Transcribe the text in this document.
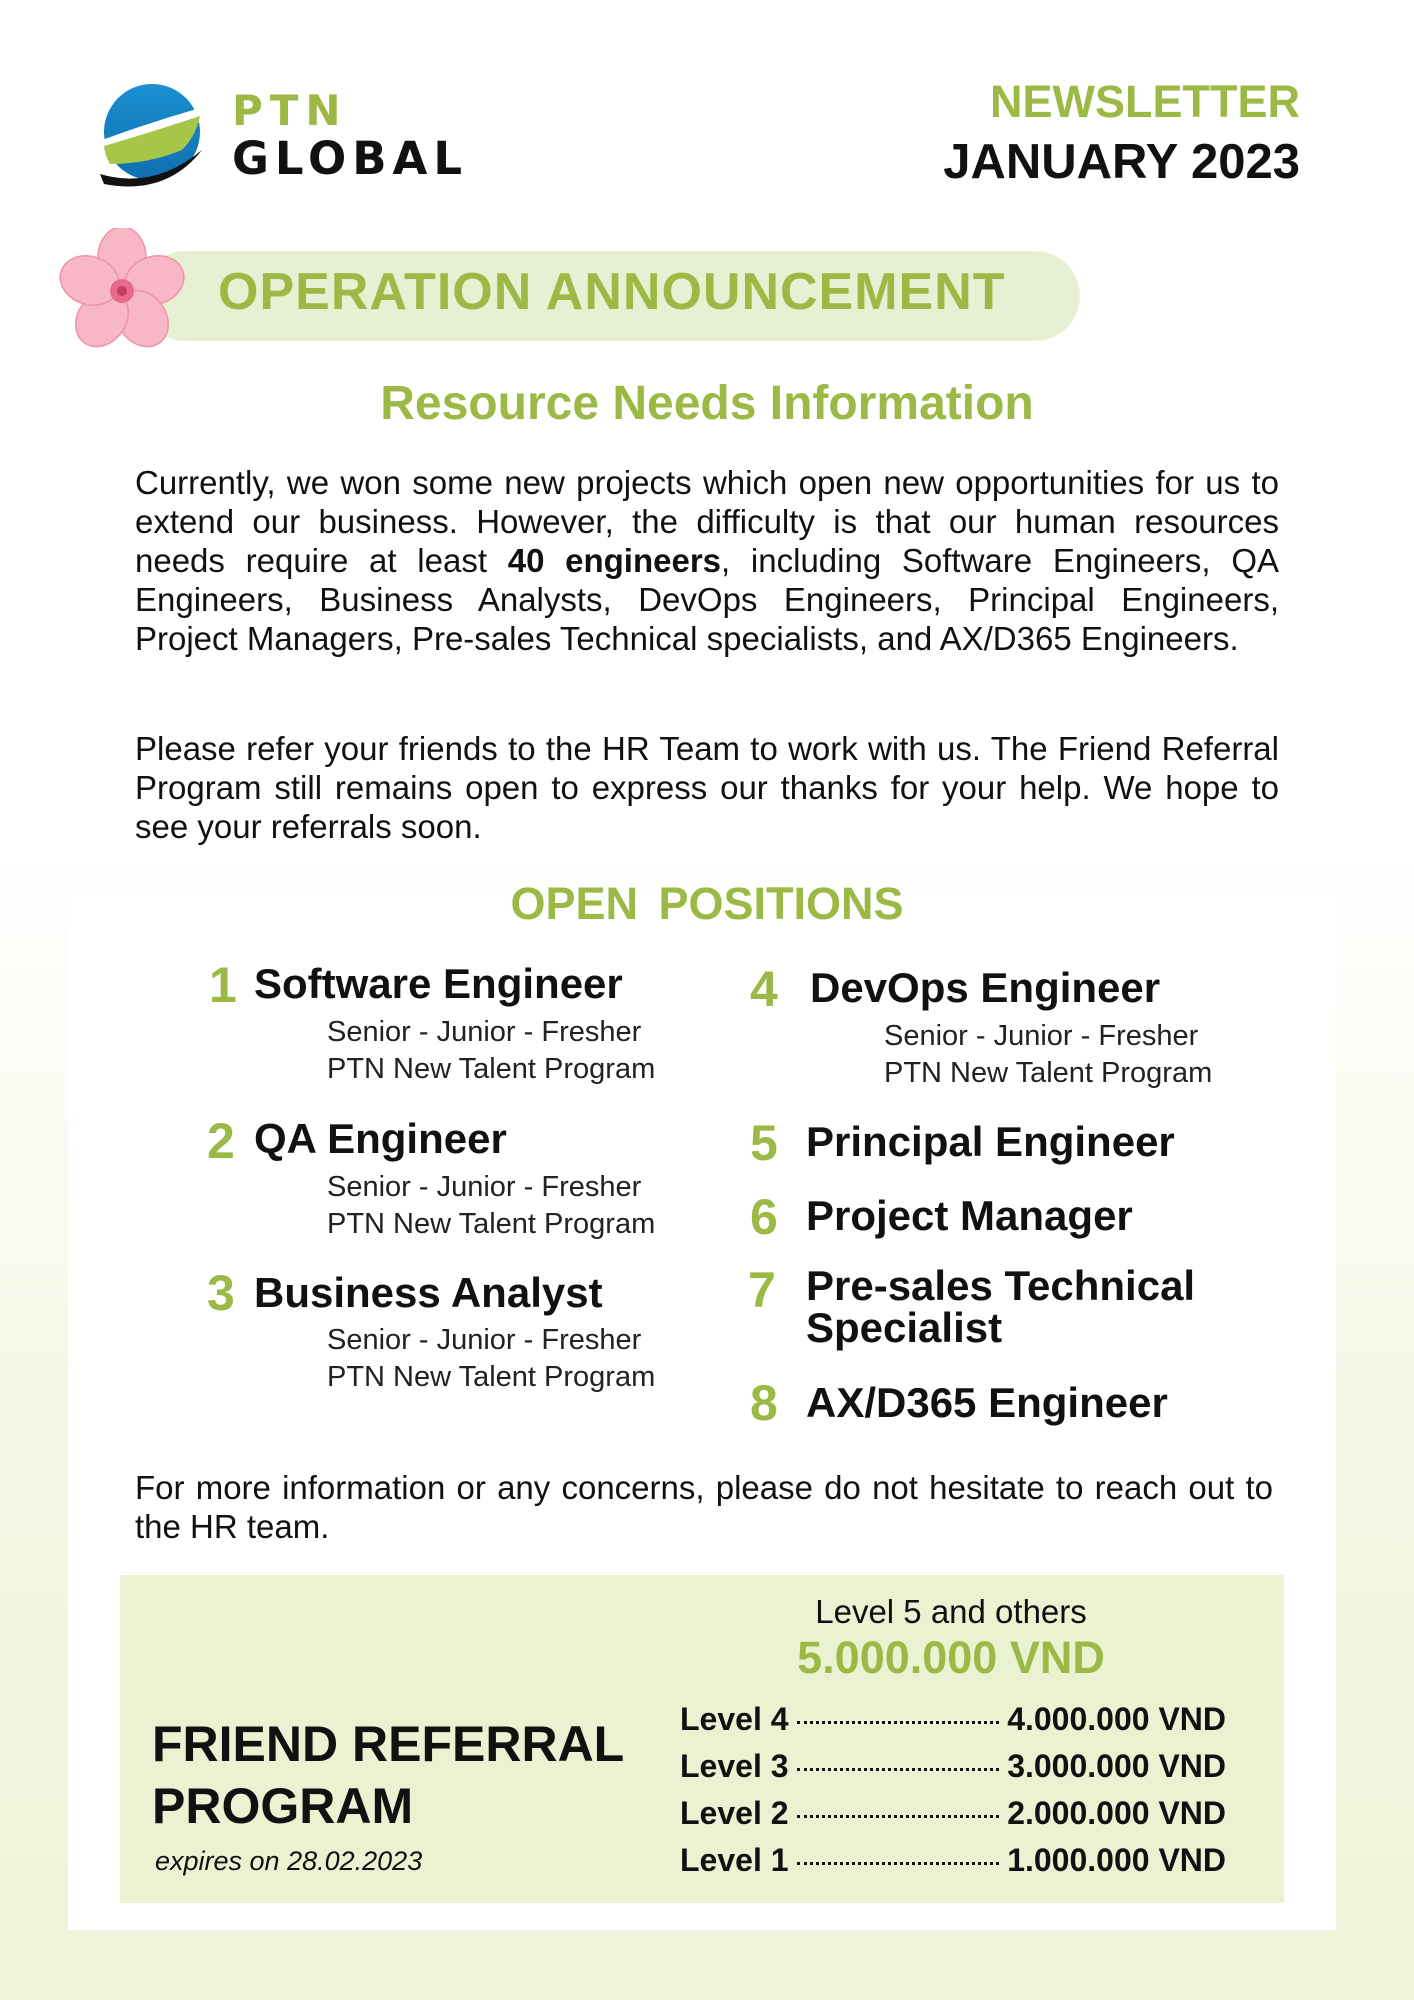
PTN
GLOBAL
NEWSLETTER
JANUARY 2023
OPERATION ANNOUNCEMENT
Resource Needs Information
Currently, we won some new projects which open new opportunities for us to extend our business. However, the difficulty is that our human resources needs require at least 40 engineers, including Software Engineers, QA Engineers, Business Analysts, DevOps Engineers, Principal Engineers, Project Managers, Pre-sales Technical specialists, and AX/D365 Engineers.
Please refer your friends to the HR Team to work with us. The Friend Referral Program still remains open to express our thanks for your help. We hope to see your referrals soon.
OPEN POSITIONS
1 Software Engineer
Senior - Junior - Fresher
PTN New Talent Program
2 QA Engineer
Senior - Junior - Fresher
PTN New Talent Program
3 Business Analyst
Senior - Junior - Fresher
PTN New Talent Program
4 DevOps Engineer
Senior - Junior - Fresher
PTN New Talent Program
5 Principal Engineer
6 Project Manager
7 Pre-sales Technical
Specialist
8 AX/D365 Engineer
For more information or any concerns, please do not hesitate to reach out to the HR team.
FRIEND REFERRAL
PROGRAM
expires on 28.02.2023
Level 5 and others
5.000.000 VND
Level 4	4.000.000 VND
Level 3	3.000.000 VND
Level 2	2.000.000 VND
Level 1	1.000.000 VND
